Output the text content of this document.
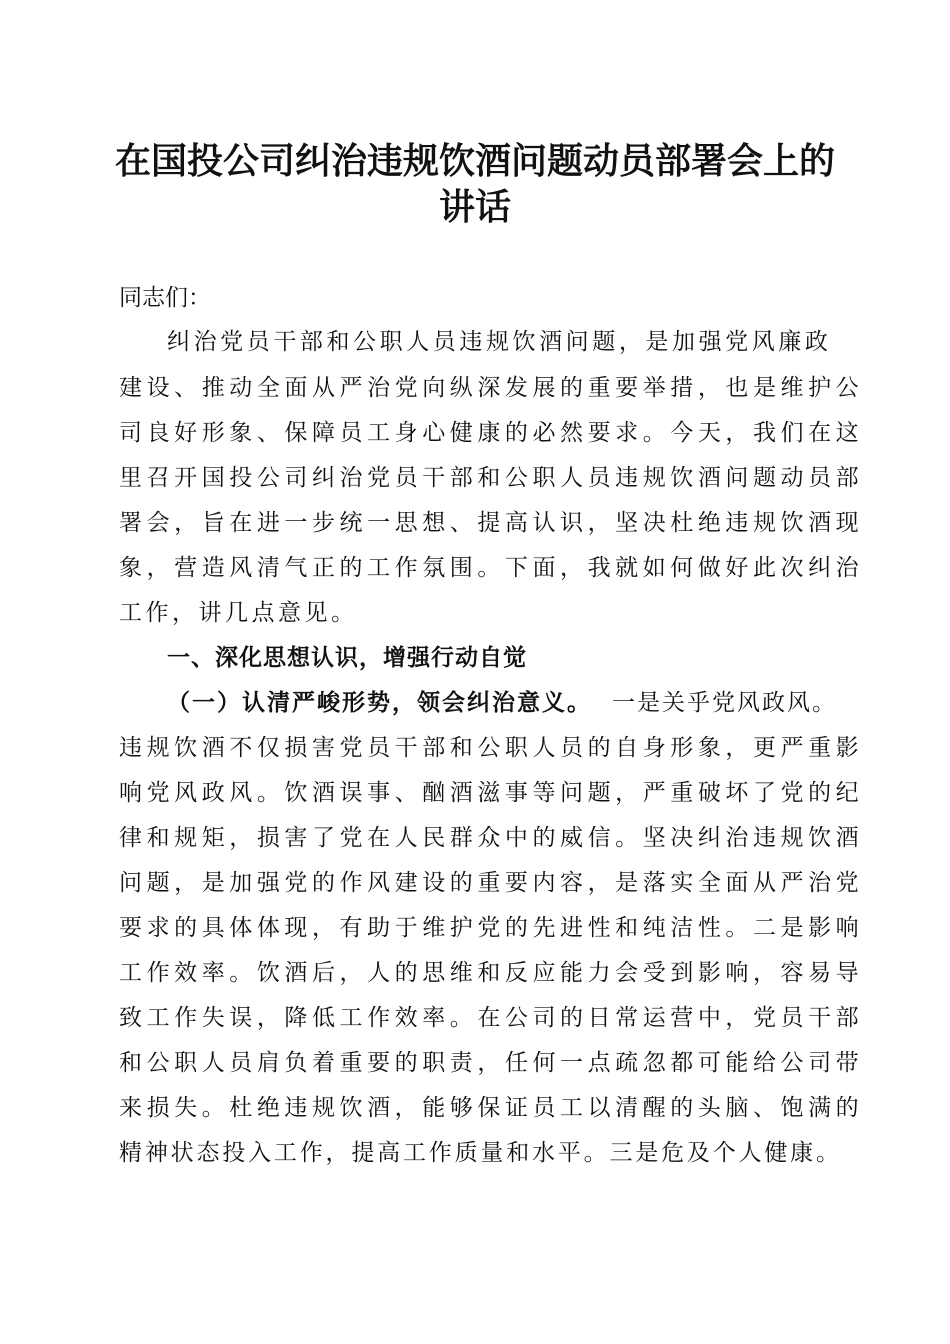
在国投公司纠治违规饮酒问题动员部署会上的
讲话

同志们：

纠 治 党 员 干 部 和 公 职 人 员 违 规 饮 酒 问 题 ， 是 加 强 党 风 廉 政

建 设 、 推 动 全 面 从 严 治 党 向 纵 深 发 展 的 重 要 举 措 ， 也 是 维 护 公

司 良 好 形 象 、 保 障 员 工 身 心 健 康 的 必 然 要 求 。 今 天 ， 我 们 在 这

里 召 开 国 投 公 司 纠 治 党 员 干 部 和 公 职 人 员 违 规 饮 酒 问 题 动 员 部

署 会 ， 旨 在 进 一 步 统 一 思 想 、 提 高 认 识 ， 坚 决 杜 绝 违 规 饮 酒 现

象 ， 营 造 风 清 气 正 的 工 作 氛 围 。 下 面 ， 我 就 如 何 做 好 此 次 纠 治

工作，讲几点意见。

一、深化思想认识，增强行动自觉

（一）认清严峻形势，领会纠治意义。 一是关乎党风政风。

违 规 饮 酒 不 仅 损 害 党 员 干 部 和 公 职 人 员 的 自 身 形 象 ， 更 严 重 影

响 党 风 政 风 。 饮 酒 误 事 、 酗 酒 滋 事 等 问 题 ， 严 重 破 坏 了 党 的 纪

律 和 规 矩 ， 损 害 了 党 在 人 民 群 众 中 的 威 信 。 坚 决 纠 治 违 规 饮 酒

问 题 ， 是 加 强 党 的 作 风 建 设 的 重 要 内 容 ， 是 落 实 全 面 从 严 治 党

要 求 的 具 体 体 现 ， 有 助 于 维 护 党 的 先 进 性 和 纯 洁 性 。 二 是 影 响

工 作 效 率 。 饮 酒 后 ， 人 的 思 维 和 反 应 能 力 会 受 到 影 响 ， 容 易 导

致 工 作 失 误 ， 降 低 工 作 效 率 。 在 公 司 的 日 常 运 营 中 ， 党 员 干 部

和 公 职 人 员 肩 负 着 重 要 的 职 责 ， 任 何 一 点 疏 忽 都 可 能 给 公 司 带

来 损 失 。 杜 绝 违 规 饮 酒 ， 能 够 保 证 员 工 以 清 醒 的 头 脑 、 饱 满 的

精 神 状 态 投 入 工 作 ， 提 高 工 作 质 量 和 水 平 。 三 是 危 及 个 人 健 康 。
